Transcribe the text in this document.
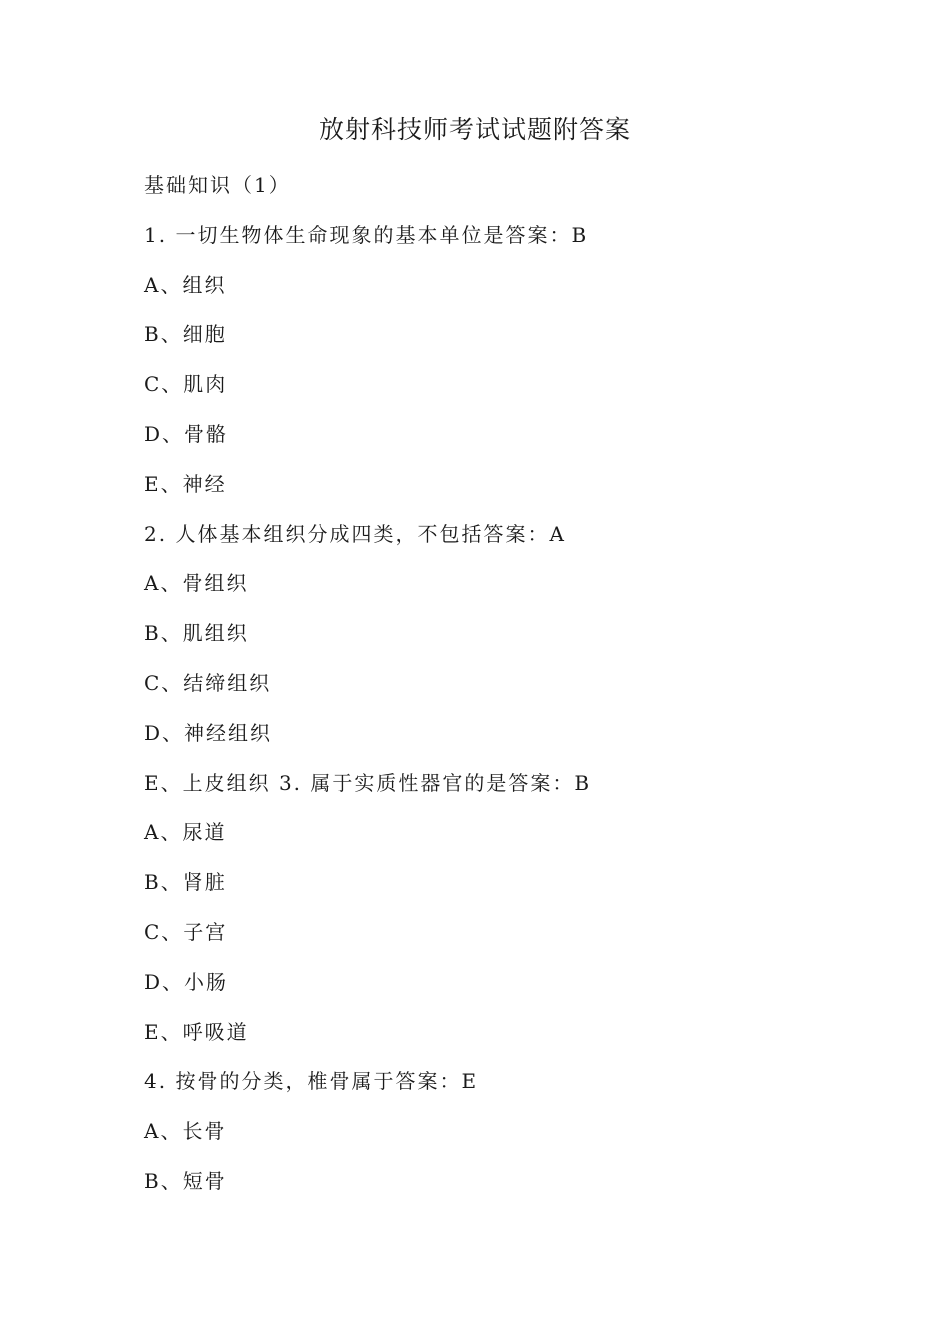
放射科技师考试试题附答案
基础知识（1）
1. 一切生物体生命现象的基本单位是答案：B
A、组织
B、细胞
C、肌肉
D、骨骼
E、神经
2. 人体基本组织分成四类，不包括答案：A
A、骨组织
B、肌组织
C、结缔组织
D、神经组织
E、上皮组织 3. 属于实质性器官的是答案：B
A、尿道
B、肾脏
C、子宫
D、小肠
E、呼吸道
4. 按骨的分类，椎骨属于答案：E
A、长骨
B、短骨
